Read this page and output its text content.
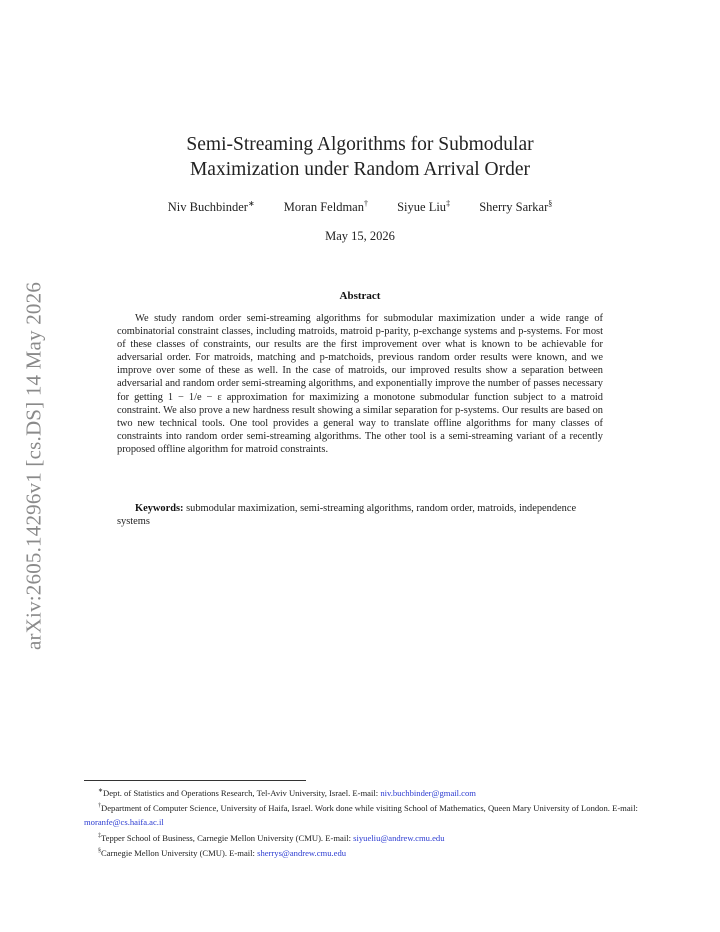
arXiv:2605.14296v1 [cs.DS] 14 May 2026
Semi-Streaming Algorithms for Submodular
Maximization under Random Arrival Order
Niv Buchbinder∗ Moran Feldman† Siyue Liu‡ Sherry Sarkar§
May 15, 2026
Abstract

We study random order semi-streaming algorithms for submodular maximization under a wide range of combinatorial constraint classes, including matroids, matroid p-parity, p-exchange systems and p-systems. For most of these classes of constraints, our results are the first improvement over what is known to be achievable for adversarial order. For matroids, matching and p-matchoids, previous random order results were known, and we improve over some of these as well. In the case of matroids, our improved results show a separation between adversarial and random order semi-streaming algorithms, and exponentially improve the number of passes necessary for getting 1 − 1/e − ε approximation for maximizing a monotone submodular function subject to a matroid constraint. We also prove a new hardness result showing a similar separation for p-systems. Our results are based on two new technical tools. One tool provides a general way to translate offline algorithms for many classes of constraints into random order semi-streaming algorithms. The other tool is a semi-streaming variant of a recently proposed offline algorithm for matroid constraints.

Keywords: submodular maximization, semi-streaming algorithms, random order, matroids, independence systems

∗Dept. of Statistics and Operations Research, Tel-Aviv University, Israel. E-mail: niv.buchbinder@gmail.com

†Department of Computer Science, University of Haifa, Israel. Work done while visiting School of Mathematics, Queen Mary University of London. E-mail: moranfe@cs.haifa.ac.il

‡Tepper School of Business, Carnegie Mellon University (CMU). E-mail: siyueliu@andrew.cmu.edu

§Carnegie Mellon University (CMU). E-mail: sherrys@andrew.cmu.edu
